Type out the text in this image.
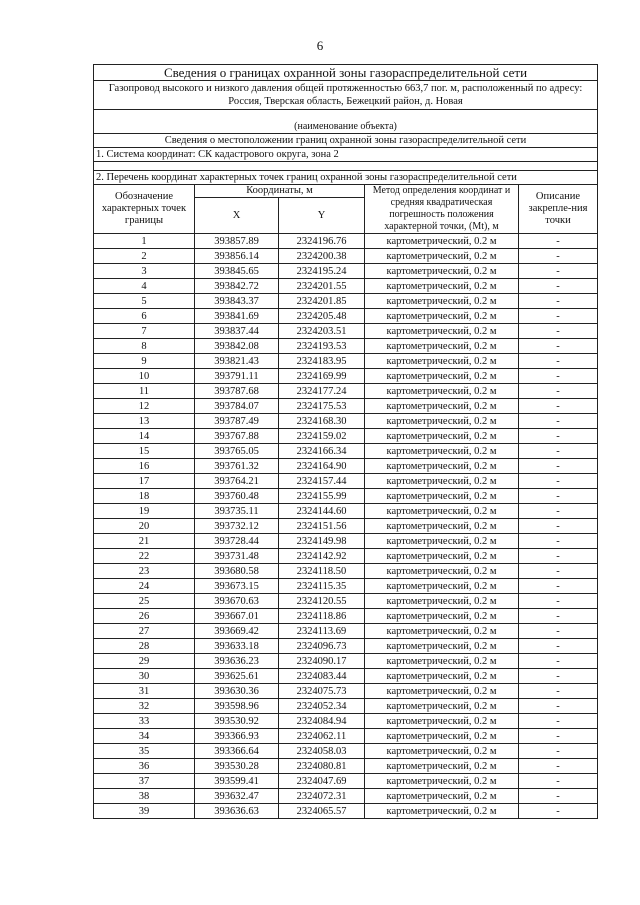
6
Сведения о границах охранной зоны газораспределительной сети				
Газопровод высокого и низкого давления общей протяженностью 663,7 пог. м, расположенный по адресу: Россия, Тверская область, Бежецкий район, д. Новая				

(наименование объекта)				
Сведения о местоположении границ охранной зоны газораспределительной сети				
1. Система координат: СК кадастрового округа, зона 2				

2. Перечень координат характерных точек границ охранной зоны газораспределительной сети				
Обозначение характерных точек границы	Координаты, м		Метод определения координат и средняя квадратическая погрешность положения характерной точки, (Mt), м	Описание закрепле-ния точки
	X	Y		
1	393857.89	2324196.76	картометрический, 0.2 м	-
2	393856.14	2324200.38	картометрический, 0.2 м	-
3	393845.65	2324195.24	картометрический, 0.2 м	-
4	393842.72	2324201.55	картометрический, 0.2 м	-
5	393843.37	2324201.85	картометрический, 0.2 м	-
6	393841.69	2324205.48	картометрический, 0.2 м	-
7	393837.44	2324203.51	картометрический, 0.2 м	-
8	393842.08	2324193.53	картометрический, 0.2 м	-
9	393821.43	2324183.95	картометрический, 0.2 м	-
10	393791.11	2324169.99	картометрический, 0.2 м	-
11	393787.68	2324177.24	картометрический, 0.2 м	-
12	393784.07	2324175.53	картометрический, 0.2 м	-
13	393787.49	2324168.30	картометрический, 0.2 м	-
14	393767.88	2324159.02	картометрический, 0.2 м	-
15	393765.05	2324166.34	картометрический, 0.2 м	-
16	393761.32	2324164.90	картометрический, 0.2 м	-
17	393764.21	2324157.44	картометрический, 0.2 м	-
18	393760.48	2324155.99	картометрический, 0.2 м	-
19	393735.11	2324144.60	картометрический, 0.2 м	-
20	393732.12	2324151.56	картометрический, 0.2 м	-
21	393728.44	2324149.98	картометрический, 0.2 м	-
22	393731.48	2324142.92	картометрический, 0.2 м	-
23	393680.58	2324118.50	картометрический, 0.2 м	-
24	393673.15	2324115.35	картометрический, 0.2 м	-
25	393670.63	2324120.55	картометрический, 0.2 м	-
26	393667.01	2324118.86	картометрический, 0.2 м	-
27	393669.42	2324113.69	картометрический, 0.2 м	-
28	393633.18	2324096.73	картометрический, 0.2 м	-
29	393636.23	2324090.17	картометрический, 0.2 м	-
30	393625.61	2324083.44	картометрический, 0.2 м	-
31	393630.36	2324075.73	картометрический, 0.2 м	-
32	393598.96	2324052.34	картометрический, 0.2 м	-
33	393530.92	2324084.94	картометрический, 0.2 м	-
34	393366.93	2324062.11	картометрический, 0.2 м	-
35	393366.64	2324058.03	картометрический, 0.2 м	-
36	393530.28	2324080.81	картометрический, 0.2 м	-
37	393599.41	2324047.69	картометрический, 0.2 м	-
38	393632.47	2324072.31	картометрический, 0.2 м	-
39	393636.63	2324065.57	картометрический, 0.2 м	-
